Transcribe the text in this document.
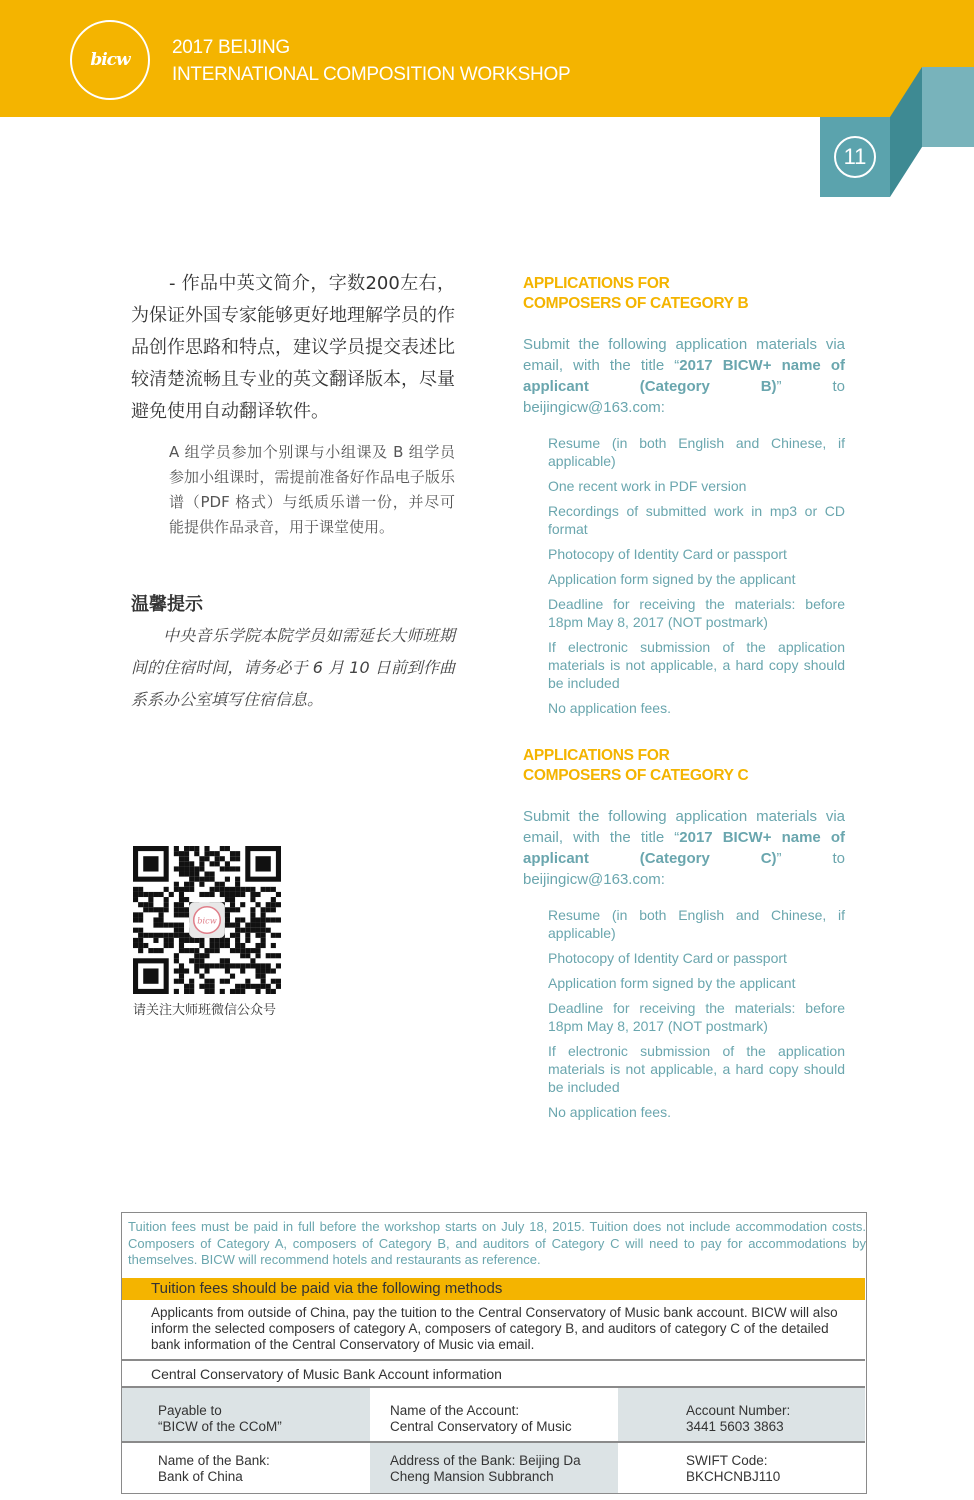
bicw
2017 BEIJING
INTERNATIONAL COMPOSITION WORKSHOP
11

- 作品中英文简介，字数200左右，为保证外国专家能够更好地理解学员的作品创作思路和特点，建议学员提交表述比较清楚流畅且专业的英文翻译版本，尽量避免使用自动翻译软件。

A 组学员参加个别课与小组课及 B 组学员参加小组课时，需提前准备好作品电子版乐谱（PDF 格式）与纸质乐谱一份，并尽可能提供作品录音，用于课堂使用。

温馨提示

中央音乐学院本院学员如需延长大师班期间的住宿时间，请务必于 6 月 10 日前到作曲系系办公室填写住宿信息。

bicw
请关注大师班微信公众号
APPLICATIONS FOR
COMPOSERS OF CATEGORY B
Submit the following application materials via email, with the title “2017 BICW+ name of applicant (Category B)” to beijingicw@163.com:
Resume (in both English and Chinese, if applicable)
One recent work in PDF version
Recordings of submitted work in mp3 or CD format
Photocopy of Identity Card or passport
Application form signed by the applicant
Deadline for receiving the materials: before 18pm May 8, 2017 (NOT postmark)
If electronic submission of the application materials is not applicable, a hard copy should be included
No application fees.
APPLICATIONS FOR
COMPOSERS OF CATEGORY C
Submit the following application materials via email, with the title “2017 BICW+ name of applicant (Category C)” to beijingicw@163.com:
Resume (in both English and Chinese, if applicable)
Photocopy of Identity Card or passport
Application form signed by the applicant
Deadline for receiving the materials: before 18pm May 8, 2017 (NOT postmark)
If electronic submission of the application materials is not applicable, a hard copy should be included
No application fees.
Tuition fees must be paid in full before the workshop starts on July 18, 2015. Tuition does not include accommodation costs. Composers of Category A, composers of Category B, and auditors of Category C will need to pay for accommodations by themselves. BICW will recommend hotels and restaurants as reference.
Tuition fees should be paid via the following methods
Applicants from outside of China, pay the tuition to the Central Conservatory of Music bank account. BICW will also inform the selected composers of category A, composers of category B, and auditors of category C of the detailed bank information of the Central Conservatory of Music via email.
Central Conservatory of Music Bank Account information
Payable to
“BICW of the CCoM”
Name of the Account:
Central Conservatory of Music
Account Number:
3441 5603 3863
Name of the Bank:
Bank of China
Address of the Bank: Beijing Da
Cheng Mansion Subbranch
SWIFT Code:
BKCHCNBJ110
